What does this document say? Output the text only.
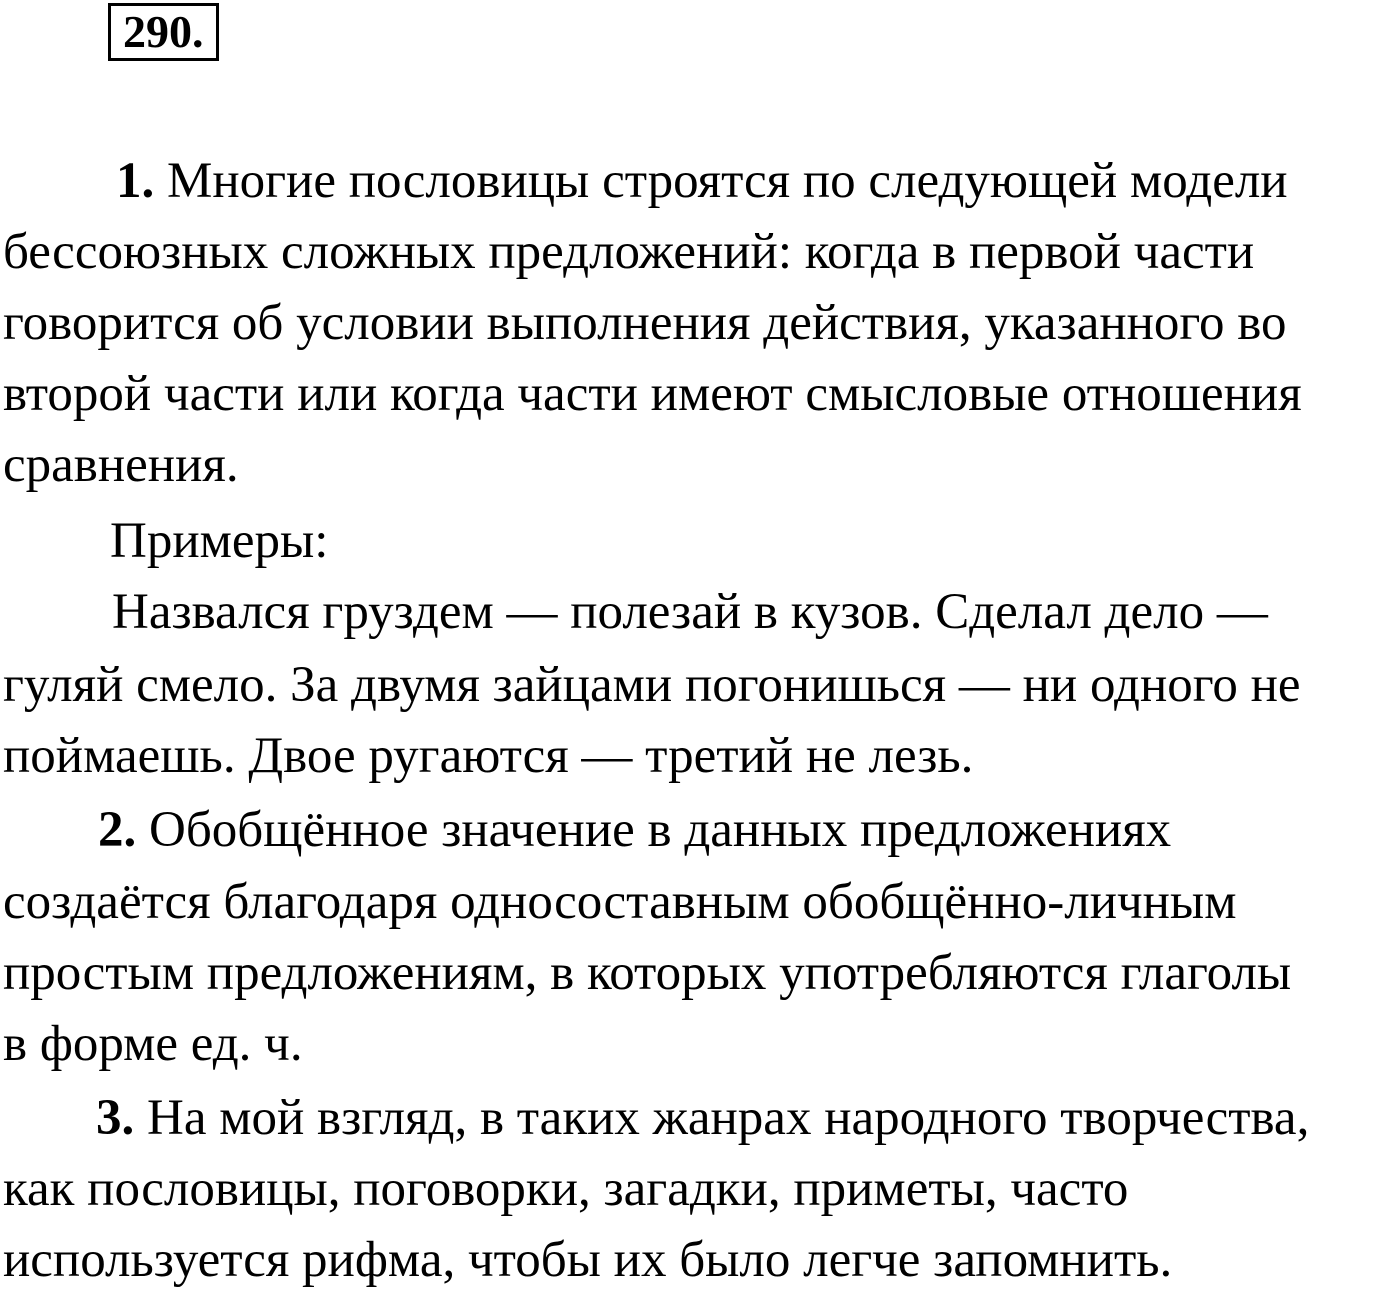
290.
1. Многие пословицы строятся по следующей модели
бессоюзных сложных предложений: когда в первой части
говорится об условии выполнения действия, указанного во
второй части или когда части имеют смысловые отношения
сравнения.
Примеры:
Назвался груздем — полезай в кузов. Сделал дело —
гуляй смело. За двумя зайцами погонишься — ни одного не
поймаешь. Двое ругаются — третий не лезь.
2. Обобщённое значение в данных предложениях
создаётся благодаря односоставным обобщённо-личным
простым предложениям, в которых употребляются глаголы
в форме ед. ч.
3. На мой взгляд, в таких жанрах народного творчества,
как пословицы, поговорки, загадки, приметы, часто
используется рифма, чтобы их было легче запомнить.
